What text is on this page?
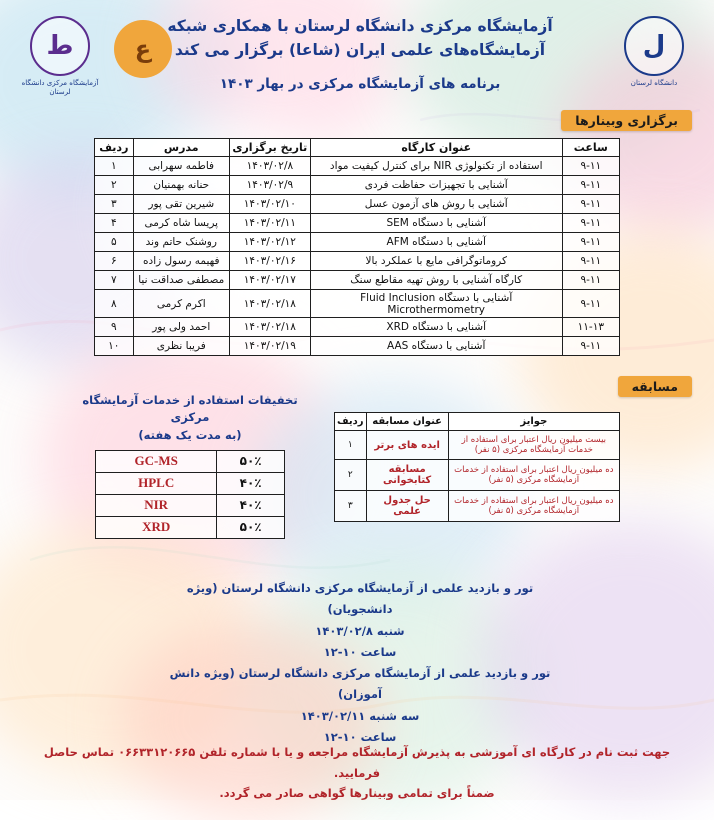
ط
آزمایشگاه مرکزی دانشگاه لرستان
ع	ل
دانشگاه لرستان
آزمایشگاه مرکزی دانشگاه لرستان با همکاری شبکه
آزمایشگاه‌های علمی ایران (شاعا) برگزار می کند
برنامه های آزمایشگاه مرکزی در بهار ۱۴۰۳
برگزاری وبینارها
ساعت	عنوان کارگاه	تاریخ برگزاری	مدرس	ردیف
۹-۱۱	استفاده از تکنولوژی NIR برای کنترل کیفیت مواد	۱۴۰۳/۰۲/۸	فاطمه سهرابی	۱
۹-۱۱	آشنایی با تجهیزات حفاظت فردی	۱۴۰۳/۰۲/۹	حنانه بهمنیان	۲
۹-۱۱	آشنایی با روش های آزمون عسل	۱۴۰۳/۰۲/۱۰	شیرین تقی پور	۳
۹-۱۱	آشنایی با دستگاه SEM	۱۴۰۳/۰۲/۱۱	پریسا شاه کرمی	۴
۹-۱۱	آشنایی با دستگاه AFM	۱۴۰۳/۰۲/۱۲	روشنک حاتم وند	۵
۹-۱۱	کروماتوگرافی مایع با عملکرد بالا	۱۴۰۳/۰۲/۱۶	فهیمه رسول زاده	۶
۹-۱۱	کارگاه آشنایی با روش تهیه مقاطع سنگ	۱۴۰۳/۰۲/۱۷	مصطفی صداقت نیا	۷
۹-۱۱	آشنایی با دستگاه Fluid Inclusion Microthermometry	۱۴۰۳/۰۲/۱۸	اکرم کرمی	۸
۱۱-۱۳	آشنایی با دستگاه XRD	۱۴۰۳/۰۲/۱۸	احمد ولی پور	۹
۹-۱۱	آشنایی با دستگاه AAS	۱۴۰۳/۰۲/۱۹	فریبا نظری	۱۰
مسابقه
جوایز	عنوان مسابقه	ردیف
بیست میلیون ریال اعتبار برای استفاده از خدمات آزمایشگاه مرکزی (۵ نفر)	ایده های برتر	۱
ده میلیون ریال اعتبار برای استفاده از خدمات آزمایشگاه مرکزی (۵ نفر)	مسابقه کتابخوانی	۲
ده میلیون ریال اعتبار برای استفاده از خدمات آزمایشگاه مرکزی (۵ نفر)	حل جدول علمی	۳
تخفیفات استفاده از خدمات آزمایشگاه مرکزی
(به مدت یک هفته)
۵۰٪	GC-MS
۴۰٪	HPLC
۴۰٪	NIR
۵۰٪	XRD
تور و بازدید علمی از آزمایشگاه مرکزی دانشگاه لرستان (ویژه دانشجویان)
شنبه ۱۴۰۳/۰۲/۸
ساعت ۱۰-۱۲
تور و بازدید علمی از آزمایشگاه مرکزی دانشگاه لرستان (ویژه دانش آموزان)
سه شنبه ۱۴۰۳/۰۲/۱۱
ساعت ۱۰-۱۲
جهت ثبت نام در کارگاه ای آموزشی به پذیرش آزمایشگاه مراجعه و یا با شماره تلفن ۰۶۶۳۳۱۲۰۶۶۵ تماس حاصل فرمایید.
ضمناً برای تمامی وبینارها گواهی صادر می گردد.
